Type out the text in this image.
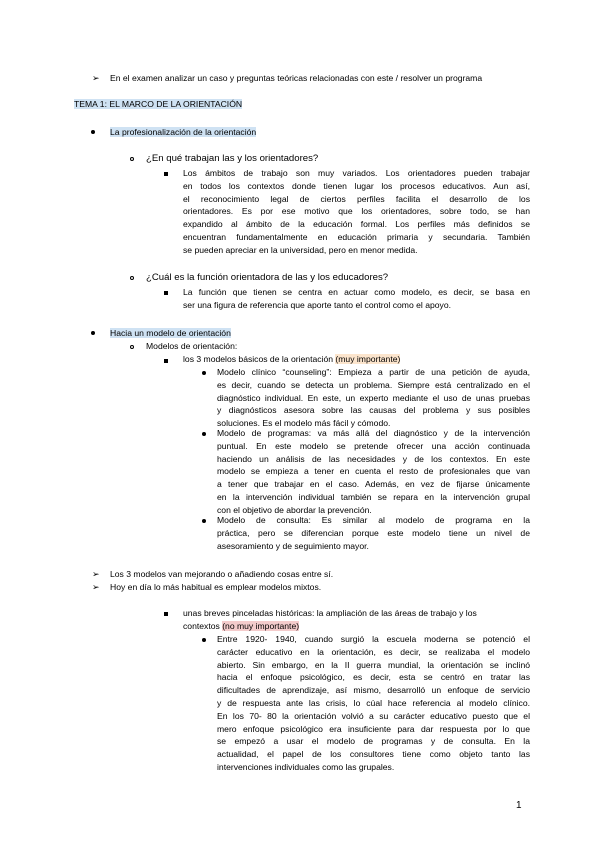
➢ En el examen analizar un caso y preguntas teóricas relacionadas con este / resolver un programa
TEMA 1: EL MARCO DE LA ORIENTACIÓN
La profesionalización de la orientación
¿En qué trabajan las y los orientadores?
Los ámbitos de trabajo son muy variados. Los orientadores pueden trabajar
en todos los contextos donde tienen lugar los procesos educativos. Aun así,
el reconocimiento legal de ciertos perfiles facilita el desarrollo de los
orientadores. Es por ese motivo que los orientadores, sobre todo, se han
expandido al ámbito de la educación formal. Los perfiles más definidos se
encuentran fundamentalmente en educación primaria y secundaria. También
se pueden apreciar en la universidad, pero en menor medida.
¿Cuál es la función orientadora de las y los educadores?
La función que tienen se centra en actuar como modelo, es decir, se basa en
ser una figura de referencia que aporte tanto el control como el apoyo.
Hacia un modelo de orientación
Modelos de orientación:
los 3 modelos básicos de la orientación (muy importante)
Modelo clínico “counseling”: Empieza a partir de una petición de ayuda,
es decir, cuando se detecta un problema. Siempre está centralizado en el
diagnóstico individual. En este, un experto mediante el uso de unas pruebas
y diagnósticos asesora sobre las causas del problema y sus posibles
soluciones. Es el modelo más fácil y cómodo.
Modelo de programas: va más allá del diagnóstico y de la intervención
puntual. En este modelo se pretende ofrecer una acción continuada
haciendo un análisis de las necesidades y de los contextos. En este
modelo se empieza a tener en cuenta el resto de profesionales que van
a tener que trabajar en el caso. Además, en vez de fijarse únicamente
en la intervención individual también se repara en la intervención grupal
con el objetivo de abordar la prevención.
Modelo de consulta: Es similar al modelo de programa en la
práctica, pero se diferencian porque este modelo tiene un nivel de
asesoramiento y de seguimiento mayor.
➢ Los 3 modelos van mejorando o añadiendo cosas entre sí.
➢ Hoy en día lo más habitual es emplear modelos mixtos.
unas breves pinceladas históricas: la ampliación de las áreas de trabajo y los
contextos (no muy importante)
Entre 1920- 1940, cuando surgió la escuela moderna se potenció el
carácter educativo en la orientación, es decir, se realizaba el modelo
abierto. Sin embargo, en la II guerra mundial, la orientación se inclinó
hacia el enfoque psicológico, es decir, esta se centró en tratar las
dificultades de aprendizaje, así mismo, desarrolló un enfoque de servicio
y de respuesta ante las crisis, lo cúal hace referencia al modelo clínico.
En los 70- 80 la orientación volvió a su carácter educativo puesto que el
mero enfoque psicológico era insuficiente para dar respuesta por lo que
se empezó a usar el modelo de programas y de consulta. En la
actualidad, el papel de los consultores tiene como objeto tanto las
intervenciones individuales como las grupales.
1
